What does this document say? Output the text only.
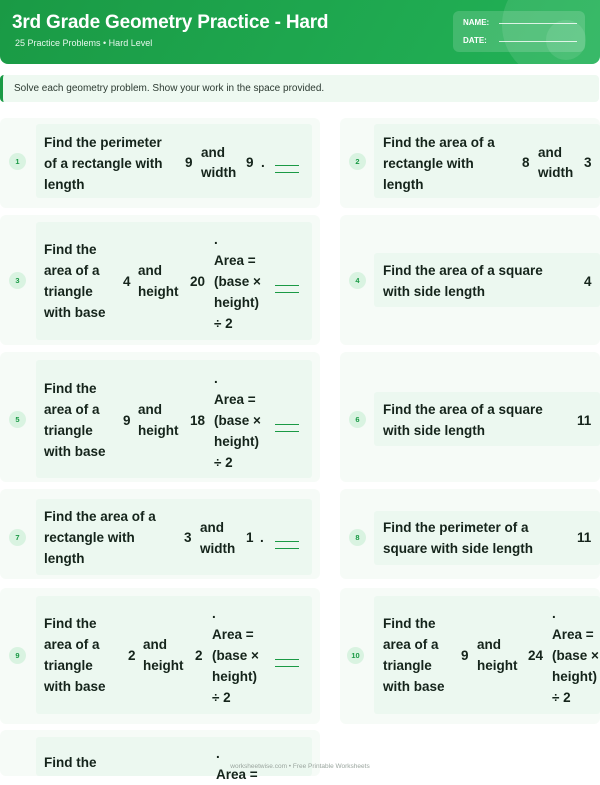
3rd Grade Geometry Practice - Hard
25 Practice Problems • Hard Level
NAME:
DATE:
Solve each geometry problem. Show your work in the space provided.
1
Find the perimeter
of a rectangle with
length
9
and
width
9 .	2
Find the area of a
rectangle with
length
8
and
width
3
3
Find the
area of a
triangle
with base
4
and
height
20
.
Area =
(base ×
height)
÷ 2
4
Find the area of a square
with side length
4
5
Find the
area of a
triangle
with base
9
and
height
18
.
Area =
(base ×
height)
÷ 2
6
Find the area of a square
with side length
11
7
Find the area of a
rectangle with
length
3
and
width
1 .	8
Find the perimeter of a
square with side length
11
9
Find the
area of a
triangle
with base
2
and
height
2
.
Area =
(base ×
height)
÷ 2
10
Find the
area of a
triangle
with base
9
and
height
24
.
Area =
(base ×
height)
÷ 2
Find the
.
Area =
worksheetwise.com • Free Printable Worksheets
